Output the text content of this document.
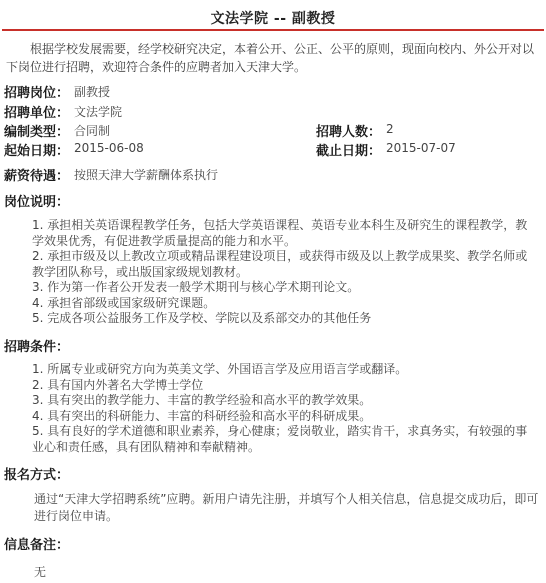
文法学院 -- 副教授
根据学校发展需要，经学校研究决定，本着公开、公正、公平的原则，现面向校内、外公开对以下岗位进行招聘，欢迎符合条件的应聘者加入天津大学。
招聘岗位： 副教授
招聘单位： 文法学院
编制类型： 合同制	招聘人数： 2
起始日期： 2015-06-08	截止日期： 2015-07-07
薪资待遇： 按照天津大学薪酬体系执行
岗位说明：
1. 承担相关英语课程教学任务，包括大学英语课程、英语专业本科生及研究生的课程教学，教学效果优秀，有促进教学质量提高的能力和水平。
2. 承担市级及以上教改立项或精品课程建设项目，或获得市级及以上教学成果奖、教学名师或教学团队称号，或出版国家级规划教材。
3. 作为第一作者公开发表一般学术期刊与核心学术期刊论文。
4. 承担省部级或国家级研究课题。
5. 完成各项公益服务工作及学校、学院以及系部交办的其他任务
招聘条件：
1. 所属专业或研究方向为英美文学、外国语言学及应用语言学或翻译。
2. 具有国内外著名大学博士学位
3. 具有突出的教学能力、丰富的教学经验和高水平的教学效果。
4. 具有突出的科研能力、丰富的科研经验和高水平的科研成果。
5. 具有良好的学术道德和职业素养，身心健康；爱岗敬业，踏实肯干，求真务实，有较强的事业心和责任感，具有团队精神和奉献精神。
报名方式：
通过“天津大学招聘系统”应聘。新用户请先注册，并填写个人相关信息，信息提交成功后，即可进行岗位申请。
信息备注：
无
